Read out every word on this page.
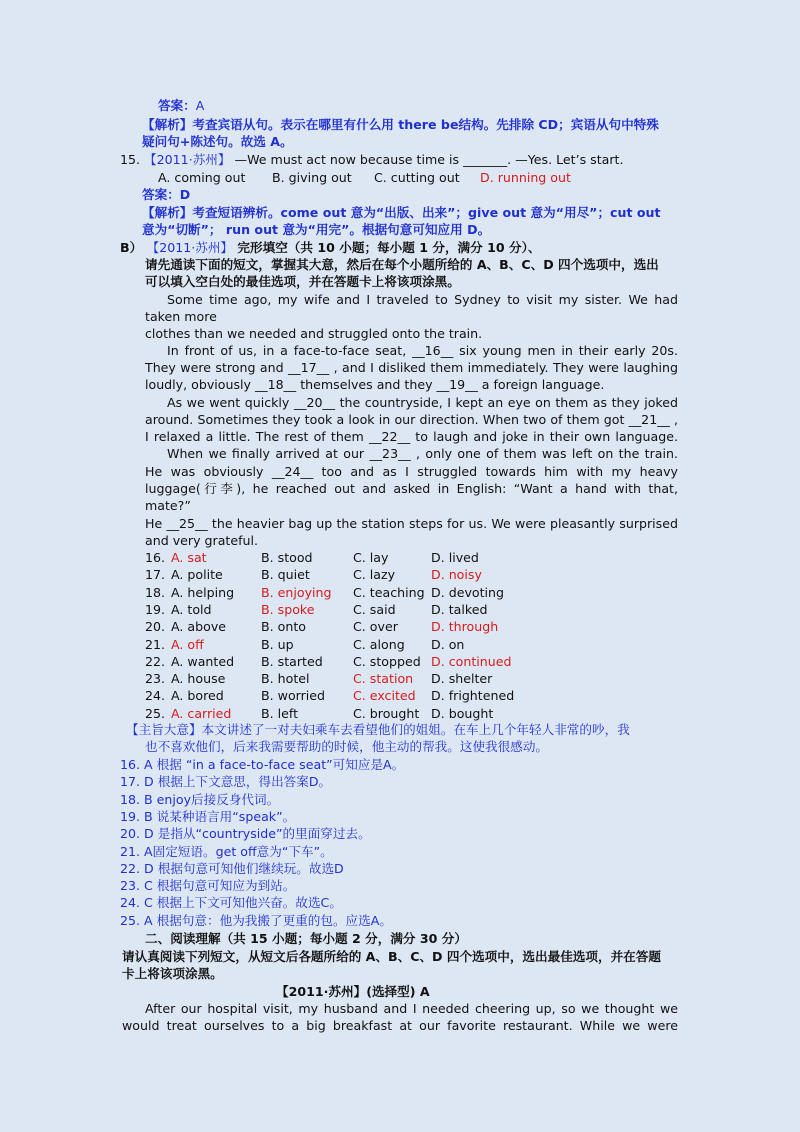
答案：A
【解析】考查宾语从句。表示在哪里有什么用 there be结构。先排除 CD；宾语从句中特殊
疑问句+陈述句。故选 A。
15. 【2011·苏州】 —We must act now because time is _______. —Yes. Let’s start.
A. coming out B. giving out C. cutting out D. running out
答案：D
【解析】考查短语辨析。come out 意为“出版、出来”；give out 意为“用尽”；cut out
意为“切断”； run out 意为“用完”。根据句意可知应用 D。
B） 【2011·苏州】 完形填空（共 10 小题；每小题 1 分，满分 10 分）、
请先通读下面的短文，掌握其大意，然后在每个小题所给的 A、B、C、D 四个选项中，选出
可以填入空白处的最佳选项，并在答题卡上将该项涂黑。
Some time ago, my wife and I traveled to Sydney to visit my sister. We had
taken more
clothes than we needed and struggled onto the train.
In front of us, in a face-to-face seat, __16__ six young men in their early 20s.
They were strong and __17__ , and I disliked them immediately. They were laughing
loudly, obviously __18__ themselves and they __19__ a foreign language.
As we went quickly __20__ the countryside, I kept an eye on them as they joked
around. Sometimes they took a look in our direction. When two of them got __21__ ,
I relaxed a little. The rest of them __22__ to laugh and joke in their own language.
When we finally arrived at our __23__ , only one of them was left on the train.
He was obviously __24__ too and as I struggled towards him with my heavy
luggage(行李), he reached out and asked in English: “Want a hand with that,
mate?”
He __25__ the heavier bag up the station steps for us. We were pleasantly surprised
and very grateful.
16. A. sat	B. stood	C. lay	D. lived
17. A. polite	B. quiet	C. lazy	D. noisy
18. A. helping B. enjoying C. teaching D. devoting
19. A. told	B. spoke	C. said	D. talked
20. A. above	B. onto	C. over	D. through
21. A. off	B. up	C. along D. on
22. A. wanted B. started C. stopped D. continued
23. A. house	B. hotel	C. station D. shelter
24. A. bored	B. worried C. excited D. frightened
25. A. carried B. left	C. brought D. bought
【主旨大意】本文讲述了一对夫妇乘车去看望他们的姐姐。在车上几个年轻人非常的吵，我
也不喜欢他们，后来我需要帮助的时候，他主动的帮我。这使我很感动。
16. A 根据 “in a face-to-face seat”可知应是A。
17. D 根据上下文意思，得出答案D。
18. B enjoy后接反身代词。
19. B 说某种语言用“speak”。
20. D 是指从“countryside”的里面穿过去。
21. A固定短语。get off意为“下车”。
22. D 根据句意可知他们继续玩。故选D
23. C 根据句意可知应为到站。
24. C 根据上下文可知他兴奋。故选C。
25. A 根据句意：他为我搬了更重的包。应选A。
二、阅读理解（共 15 小题；每小题 2 分，满分 30 分）
请认真阅读下列短文，从短文后各题所给的 A、B、C、D 四个选项中，选出最佳选项，并在答题
卡上将该项涂黑。
【2011·苏州】(选择型) A
After our hospital visit, my husband and I needed cheering up, so we thought we
would treat ourselves to a big breakfast at our favorite restaurant. While we were
